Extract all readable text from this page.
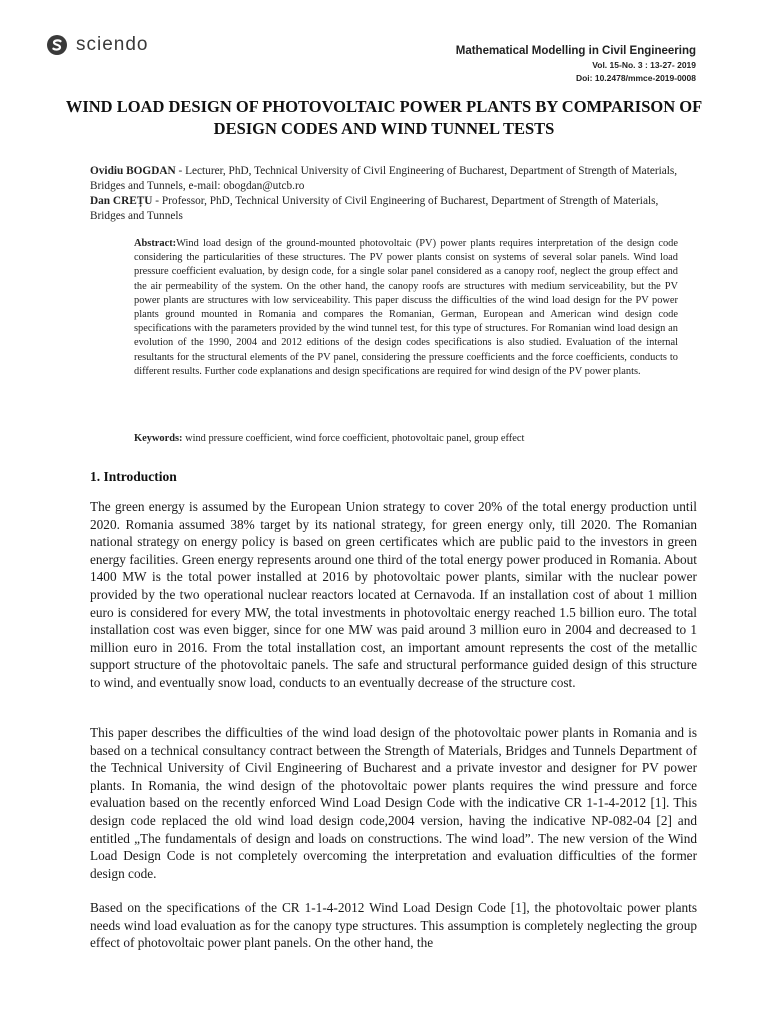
sciendo	Mathematical Modelling in Civil Engineering
Vol. 15-No. 3 : 13-27- 2019
Doi: 10.2478/mmce-2019-0008
WIND LOAD DESIGN OF PHOTOVOLTAIC POWER PLANTS BY COMPARISON OF DESIGN CODES AND WIND TUNNEL TESTS
Ovidiu BOGDAN - Lecturer, PhD, Technical University of Civil Engineering of Bucharest, Department of Strength of Materials, Bridges and Tunnels, e-mail: obogdan@utcb.ro
Dan CREȚU - Professor, PhD, Technical University of Civil Engineering of Bucharest, Department of Strength of Materials, Bridges and Tunnels
Abstract:Wind load design of the ground-mounted photovoltaic (PV) power plants requires interpretation of the design code considering the particularities of these structures. The PV power plants consist on systems of several solar panels. Wind load pressure coefficient evaluation, by design code, for a single solar panel considered as a canopy roof, neglect the group effect and the air permeability of the system. On the other hand, the canopy roofs are structures with medium serviceability, but the PV power plants are structures with low serviceability. This paper discuss the difficulties of the wind load design for the PV power plants ground mounted in Romania and compares the Romanian, German, European and American wind design code specifications with the parameters provided by the wind tunnel test, for this type of structures. For Romanian wind load design an evolution of the 1990, 2004 and 2012 editions of the design codes specifications is also studied. Evaluation of the internal resultants for the structural elements of the PV panel, considering the pressure coefficients and the force coefficients, conducts to different results. Further code explanations and design specifications are required for wind design of the PV power plants.
Keywords: wind pressure coefficient, wind force coefficient, photovoltaic panel, group effect
1. Introduction

The green energy is assumed by the European Union strategy to cover 20% of the total energy production until 2020. Romania assumed 38% target by its national strategy, for green energy only, till 2020. The Romanian national strategy on energy policy is based on green certificates which are public paid to the investors in green energy facilities. Green energy represents around one third of the total energy power produced in Romania. About 1400 MW is the total power installed at 2016 by photovoltaic power plants, similar with the nuclear power provided by the two operational nuclear reactors located at Cernavoda. If an installation cost of about 1 million euro is considered for every MW, the total investments in photovoltaic energy reached 1.5 billion euro. The total installation cost was even bigger, since for one MW was paid around 3 million euro in 2004 and decreased to 1 million euro in 2016. From the total installation cost, an important amount represents the cost of the metallic support structure of the photovoltaic panels. The safe and structural performance guided design of this structure to wind, and eventually snow load, conducts to an eventually decrease of the structure cost.

This paper describes the difficulties of the wind load design of the photovoltaic power plants in Romania and is based on a technical consultancy contract between the Strength of Materials, Bridges and Tunnels Department of the Technical University of Civil Engineering of Bucharest and a private investor and designer for PV power plants. In Romania, the wind design of the photovoltaic power plants requires the wind pressure and force evaluation based on the recently enforced Wind Load Design Code with the indicative CR 1-1-4-2012 [1]. This design code replaced the old wind load design code,2004 version, having the indicative NP-082-04 [2] and entitled „The fundamentals of design and loads on constructions. The wind load”. The new version of the Wind Load Design Code is not completely overcoming the interpretation and evaluation difficulties of the former design code.

Based on the specifications of the CR 1-1-4-2012 Wind Load Design Code [1], the photovoltaic power plants needs wind load evaluation as for the canopy type structures. This assumption is completely neglecting the group effect of photovoltaic power plant panels. On the other hand, the
